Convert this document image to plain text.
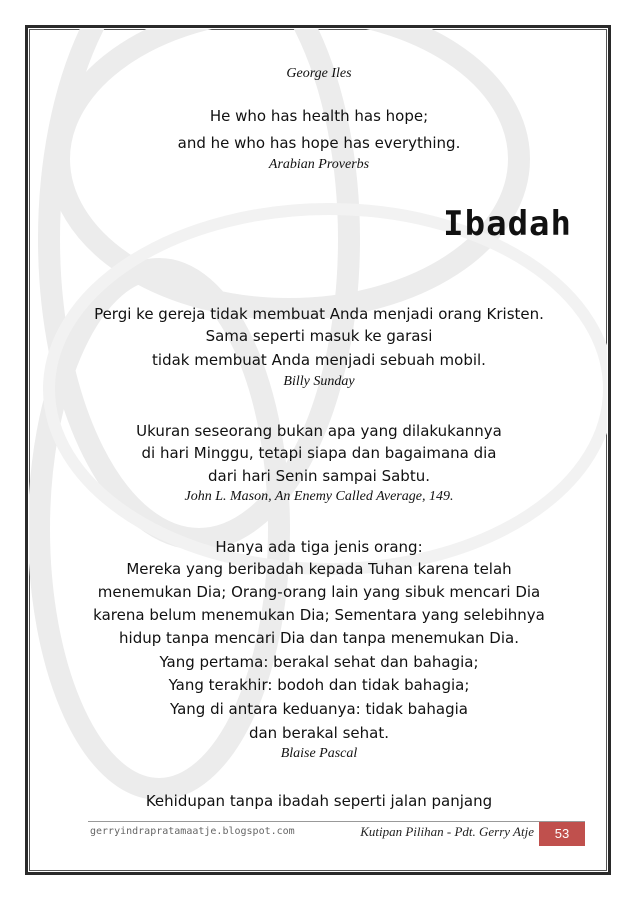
George Iles
He who has health has hope;
and he who has hope has everything.
Arabian Proverbs
Ibadah
Pergi ke gereja tidak membuat Anda menjadi orang Kristen.
Sama seperti masuk ke garasi
tidak membuat Anda menjadi sebuah mobil.
Billy Sunday
Ukuran seseorang bukan apa yang dilakukannya
di hari Minggu, tetapi siapa dan bagaimana dia
dari hari Senin sampai Sabtu.
John L. Mason, An Enemy Called Average, 149.
Hanya ada tiga jenis orang:
Mereka yang beribadah kepada Tuhan karena telah
menemukan Dia; Orang-orang lain yang sibuk mencari Dia
karena belum menemukan Dia; Sementara yang selebihnya
hidup tanpa mencari Dia dan tanpa menemukan Dia.
Yang pertama: berakal sehat dan bahagia;
Yang terakhir: bodoh dan tidak bahagia;
Yang di antara keduanya: tidak bahagia
dan berakal sehat.
Blaise Pascal
Kehidupan tanpa ibadah seperti jalan panjang
gerryindrapratamaatje.blogspot.com	Kutipan Pilihan - Pdt. Gerry Atje	53
